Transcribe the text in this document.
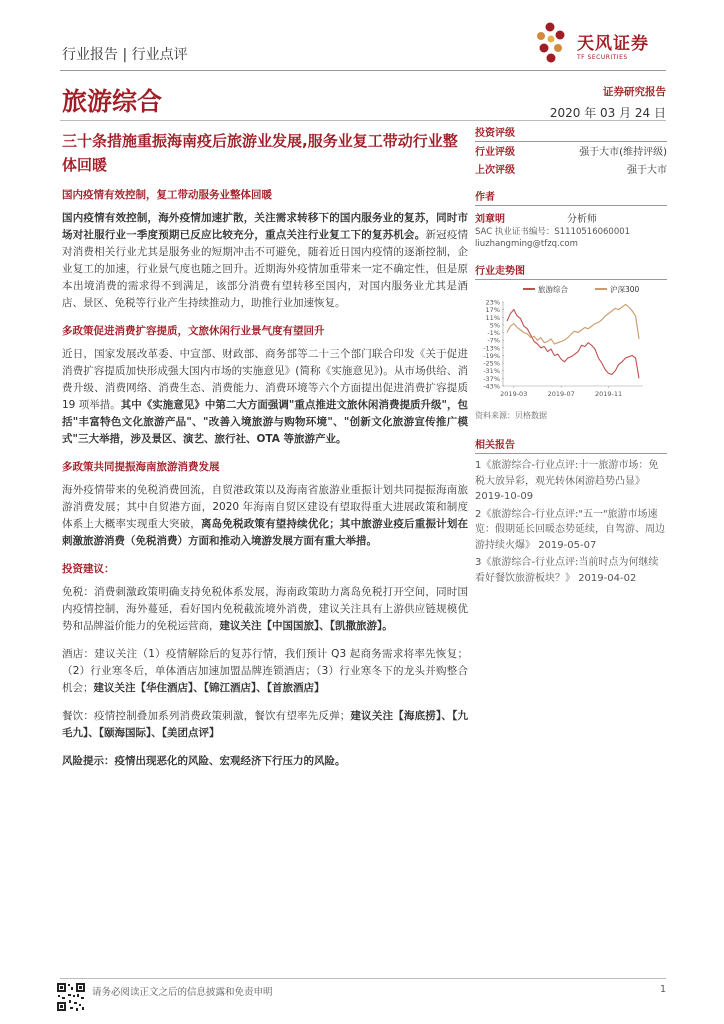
行业报告 | 行业点评
天风证券
TF SECURITIES
旅游综合	证券研究报告
2020 年 03 月 24 日
三十条措施重振海南疫后旅游业发展,服务业复工带动行业整体回暖

国内疫情有效控制，复工带动服务业整体回暖

国内疫情有效控制，海外疫情加速扩散，关注需求转移下的国内服务业的复苏，同时市场对社服行业一季度预期已反应比较充分，重点关注行业复工下的复苏机会。新冠疫情对消费相关行业尤其是服务业的短期冲击不可避免，随着近日国内疫情的逐渐控制，企业复工的加速，行业景气度也随之回升。近期海外疫情加重带来一定不确定性，但是原本出境消费的需求得不到满足，该部分消费有望转移至国内，对国内服务业尤其是酒店、景区、免税等行业产生持续推动力，助推行业加速恢复。

多政策促进消费扩容提质，文旅休闲行业景气度有望回升

近日，国家发展改革委、中宣部、财政部、商务部等二十三个部门联合印发《关于促进消费扩容提质加快形成强大国内市场的实施意见》(简称《实施意见》)。从市场供给、消费升级、消费网络、消费生态、消费能力、消费环境等六个方面提出促进消费扩容提质 19 项举措。其中《实施意见》中第二大方面强调"重点推进文旅休闲消费提质升级"，包括"丰富特色文化旅游产品"、"改善入境旅游与购物环境"、"创新文化旅游宣传推广模式"三大举措，涉及景区、演艺、旅行社、OTA 等旅游产业。

多政策共同提振海南旅游消费发展

海外疫情带来的免税消费回流，自贸港政策以及海南省旅游业重振计划共同提振海南旅游消费发展；其中自贸港方面，2020 年海南自贸区建设有望取得重大进展政策和制度体系上大概率实现重大突破，离岛免税政策有望持续优化；其中旅游业疫后重振计划在刺激旅游消费（免税消费）方面和推动入境游发展方面有重大举措。

投资建议：

免税：消费刺激政策明确支持免税体系发展，海南政策助力离岛免税打开空间，同时国内疫情控制，海外蔓延，看好国内免税截流境外消费，建议关注具有上游供应链规模优势和品牌溢价能力的免税运营商，建议关注【中国国旅】、【凯撒旅游】。

酒店：建议关注（1）疫情解除后的复苏行情，我们预计 Q3 起商务需求将率先恢复；（2）行业寒冬后，单体酒店加速加盟品牌连锁酒店；（3）行业寒冬下的龙头并购整合机会；建议关注【华住酒店】、【锦江酒店】、【首旅酒店】

餐饮：疫情控制叠加系列消费政策刺激，餐饮有望率先反弹；建议关注【海底捞】、【九毛九】、【颐海国际】、【美团点评】

风险提示：疫情出现恶化的风险、宏观经济下行压力的风险。

投资评级
行业评级	强于大市(维持评级)
上次评级	强于大市
作者
刘章明	分析师
SAC 执业证书编号：S1110516060001
liuzhangming@tfzq.com
行业走势图
旅游综合	沪深300
23%
17%
11%
5%
-1%
-7%
-13%
-19%
-25%
-31%
-37%
-43%
2019-03	2019-07	2019-11
资料来源：贝格数据
相关报告
1《旅游综合-行业点评:十一旅游市场：免税大放异彩，观光转休闲游趋势凸显》 2019-10-09
2《旅游综合-行业点评:"五一"旅游市场速览：假期延长回暖态势延续，自驾游、周边游持续火爆》 2019-05-07
3《旅游综合-行业点评:当前时点为何继续看好餐饮旅游板块？》 2019-04-02
请务必阅读正文之后的信息披露和免责申明	1
